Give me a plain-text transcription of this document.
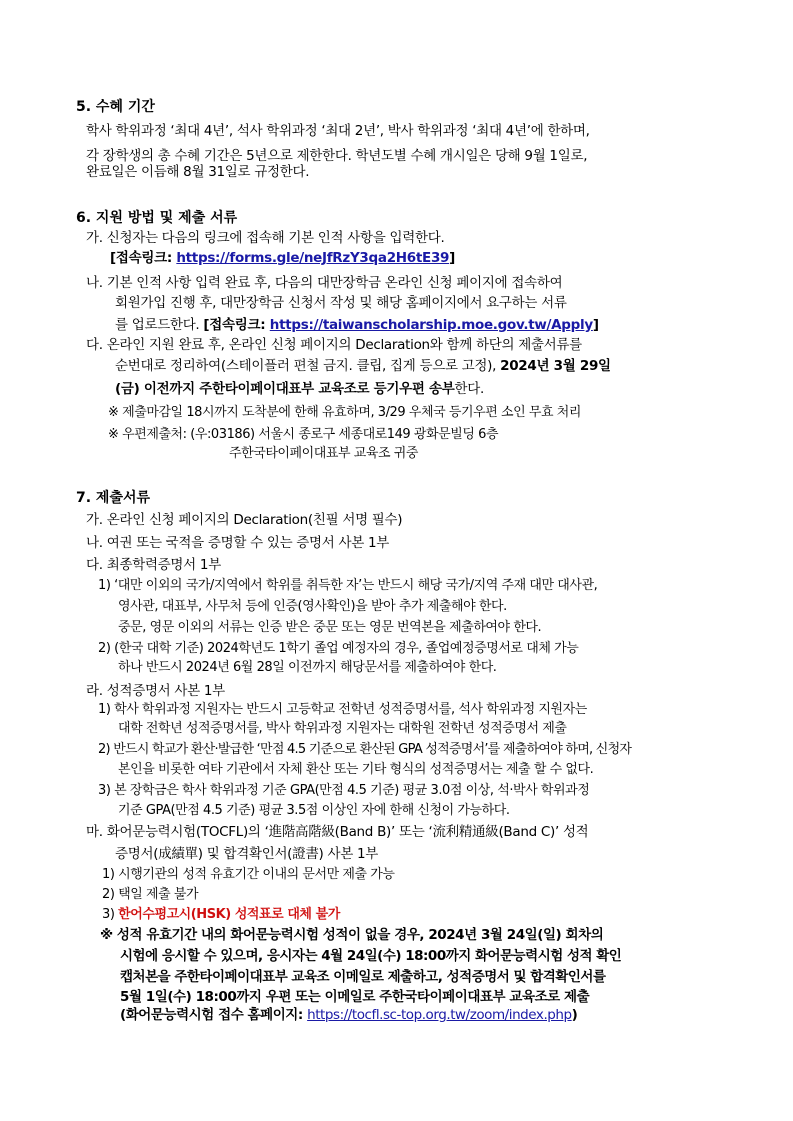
5. 수혜 기간
학사 학위과정 ‘최대 4년’, 석사 학위과정 ‘최대 2년’, 박사 학위과정 ‘최대 4년’에 한하며,
각 장학생의 총 수혜 기간은 5년으로 제한한다. 학년도별 수혜 개시일은 당해 9월 1일로,
완료일은 이듬해 8월 31일로 규정한다.
6. 지원 방법 및 제출 서류
가. 신청자는 다음의 링크에 접속해 기본 인적 사항을 입력한다.
[접속링크: https://forms.gle/neJfRzY3qa2H6tE39]
나. 기본 인적 사항 입력 완료 후, 다음의 대만장학금 온라인 신청 페이지에 접속하여
회원가입 진행 후, 대만장학금 신청서 작성 및 해당 홈페이지에서 요구하는 서류
를 업로드한다. [접속링크: https://taiwanscholarship.moe.gov.tw/Apply]
다. 온라인 지원 완료 후, 온라인 신청 페이지의 Declaration와 함께 하단의 제출서류를
순번대로 정리하여(스테이플러 편철 금지. 클립, 집게 등으로 고정), 2024년 3월 29일
(금) 이전까지 주한타이페이대표부 교육조로 등기우편 송부한다.
※ 제출마감일 18시까지 도착분에 한해 유효하며, 3/29 우체국 등기우편 소인 무효 처리
※ 우편제출처: (우:03186) 서울시 종로구 세종대로149 광화문빌딩 6층
주한국타이페이대표부 교육조 귀중
7. 제출서류
가. 온라인 신청 페이지의 Declaration(친필 서명 필수)
나. 여권 또는 국적을 증명할 수 있는 증명서 사본 1부
다. 최종학력증명서 1부
1) ‘대만 이외의 국가/지역에서 학위를 취득한 자’는 반드시 해당 국가/지역 주재 대만 대사관,
영사관, 대표부, 사무처 등에 인증(영사확인)을 받아 추가 제출해야 한다.
중문, 영문 이외의 서류는 인증 받은 중문 또는 영문 번역본을 제출하여야 한다.
2) (한국 대학 기준) 2024학년도 1학기 졸업 예정자의 경우, 졸업예정증명서로 대체 가능
하나 반드시 2024년 6월 28일 이전까지 해당문서를 제출하여야 한다.
라. 성적증명서 사본 1부
1) 학사 학위과정 지원자는 반드시 고등학교 전학년 성적증명서를, 석사 학위과정 지원자는
대학 전학년 성적증명서를, 박사 학위과정 지원자는 대학원 전학년 성적증명서 제출
2) 반드시 학교가 환산·발급한 ‘만점 4.5 기준으로 환산된 GPA 성적증명서’를 제출하여야 하며, 신청자
본인을 비롯한 여타 기관에서 자체 환산 또는 기타 형식의 성적증명서는 제출 할 수 없다.
3) 본 장학금은 학사 학위과정 기준 GPA(만점 4.5 기준) 평균 3.0점 이상, 석·박사 학위과정
기준 GPA(만점 4.5 기준) 평균 3.5점 이상인 자에 한해 신청이 가능하다.
마. 화어문능력시험(TOCFL)의 ‘進階高階級(Band B)’ 또는 ‘流利精通級(Band C)’ 성적
증명서(成績單) 및 합격확인서(證書) 사본 1부
1) 시행기관의 성적 유효기간 이내의 문서만 제출 가능
2) 택일 제출 불가
3) 한어수평고시(HSK) 성적표로 대체 불가
※ 성적 유효기간 내의 화어문능력시험 성적이 없을 경우, 2024년 3월 24일(일) 회차의
시험에 응시할 수 있으며, 응시자는 4월 24일(수) 18:00까지 화어문능력시험 성적 확인
캡처본을 주한타이페이대표부 교육조 이메일로 제출하고, 성적증명서 및 합격확인서를
5월 1일(수) 18:00까지 우편 또는 이메일로 주한국타이페이대표부 교육조로 제출
(화어문능력시험 접수 홈페이지: https://tocfl.sc-top.org.tw/zoom/index.php)
